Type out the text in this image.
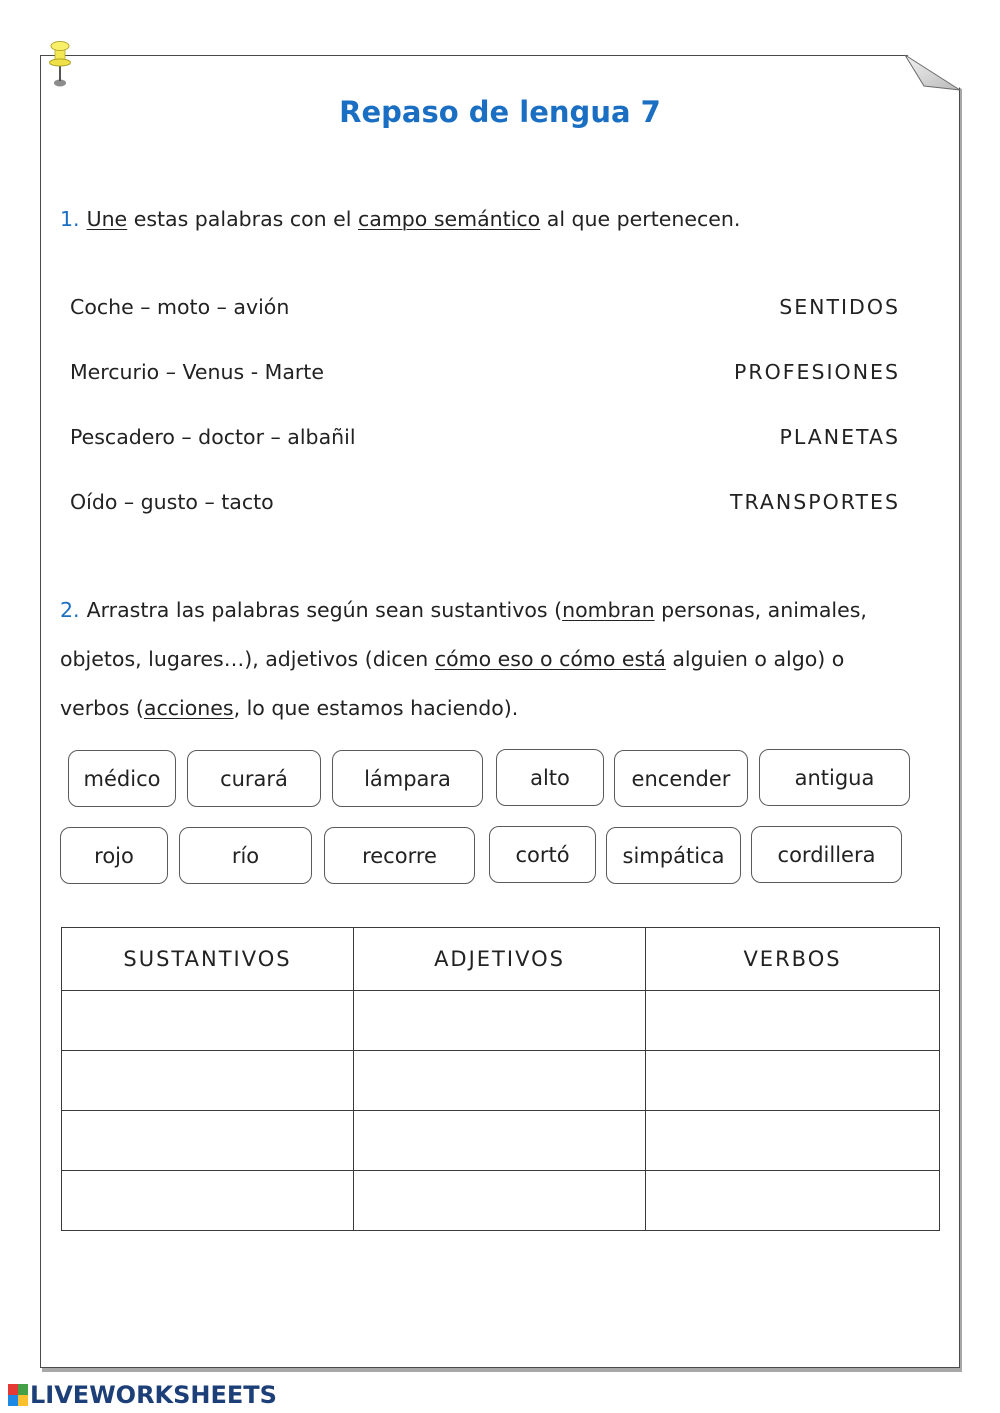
Repaso de lengua 7
1. Une estas palabras con el campo semántico al que pertenecen.
Coche – moto – avión
Mercurio – Venus - Marte
Pescadero – doctor – albañil
Oído – gusto – tacto
SENTIDOS
PROFESIONES
PLANETAS
TRANSPORTES
2. Arrastra las palabras según sean sustantivos (nombran personas, animales,
objetos, lugares…), adjetivos (dicen cómo eso o cómo está alguien o algo) o
verbos (acciones, lo que estamos haciendo).
médico	curará	lámpara	alto	encender	antigua
rojo	río	recorre	cortó	simpática	cordillera
SUSTANTIVOS	ADJETIVOS	VERBOS

LIVEWORKSHEETS
